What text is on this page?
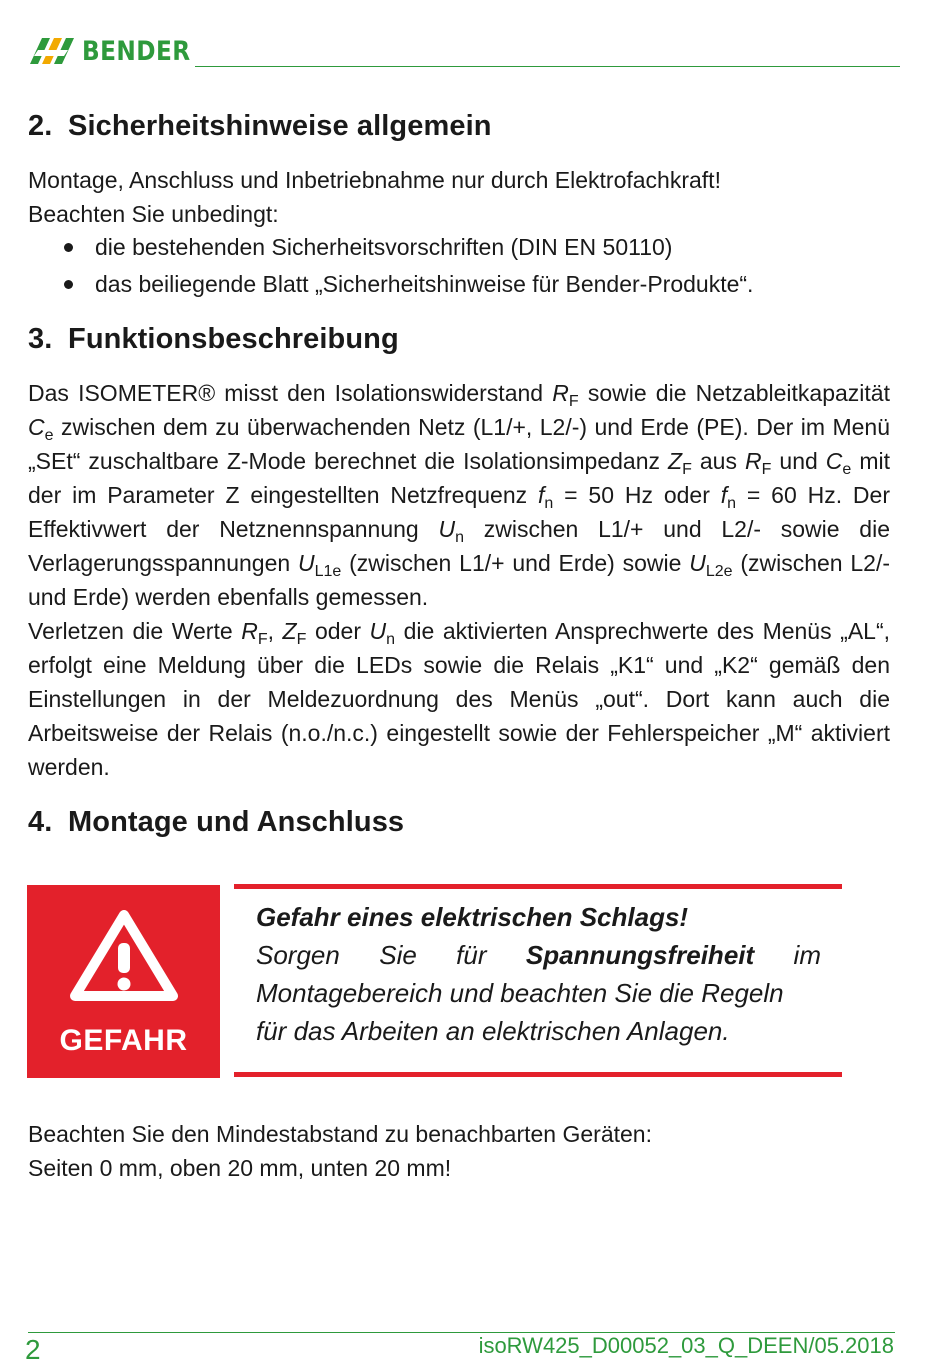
BENDER
2. Sicherheitshinweise allgemein
Montage, Anschluss und Inbetriebnahme nur durch Elektrofachkraft!
Beachten Sie unbedingt:
die bestehenden Sicherheitsvorschriften (DIN EN 50110)
das beiliegende Blatt „Sicherheitshinweise für Bender-Produkte“.
3. Funktionsbeschreibung
Das ISOMETER® misst den Isolationswiderstand $R_F$ sowie die Netzableitkapazität $C_e$ zwischen dem zu überwachenden Netz (L1/+, L2/-) und Erde (PE). Der im Menü „SEt“ zuschaltbare Z-Mode berechnet die Isolationsimpedanz $Z_F$ aus $R_F$ und $C_e$ mit der im Parameter Z eingestellten Netzfrequenz $f_n = 50$ Hz oder $f_n = 60$ Hz. Der Effektivwert der Netznennspannung $U_n$ zwischen L1/+ und L2/- sowie die Verlagerungsspannungen $U_{L1e}$ (zwischen L1/+ und Erde) sowie $U_{L2e}$ (zwischen L2/- und Erde) werden ebenfalls gemessen.
Verletzen die Werte $R_F$, $Z_F$ oder $U_n$ die aktivierten Ansprechwerte des Menüs „AL“, erfolgt eine Meldung über die LEDs sowie die Relais „K1“ und „K2“ gemäß den Einstellungen in der Meldezuordnung des Menüs „out“. Dort kann auch die Arbeitsweise der Relais (n.o./n.c.) eingestellt sowie der Fehlerspeicher „M“ aktiviert werden.
4. Montage und Anschluss
GEFAHR
Gefahr eines elektrischen Schlags!
Sorgen Sie für Spannungsfreiheit im
Montagebereich und beachten Sie die Regeln
für das Arbeiten an elektrischen Anlagen.
Beachten Sie den Mindestabstand zu benachbarten Geräten:
Seiten 0 mm, oben 20 mm, unten 20 mm!
2	isoRW425_D00052_03_Q_DEEN/05.2018
